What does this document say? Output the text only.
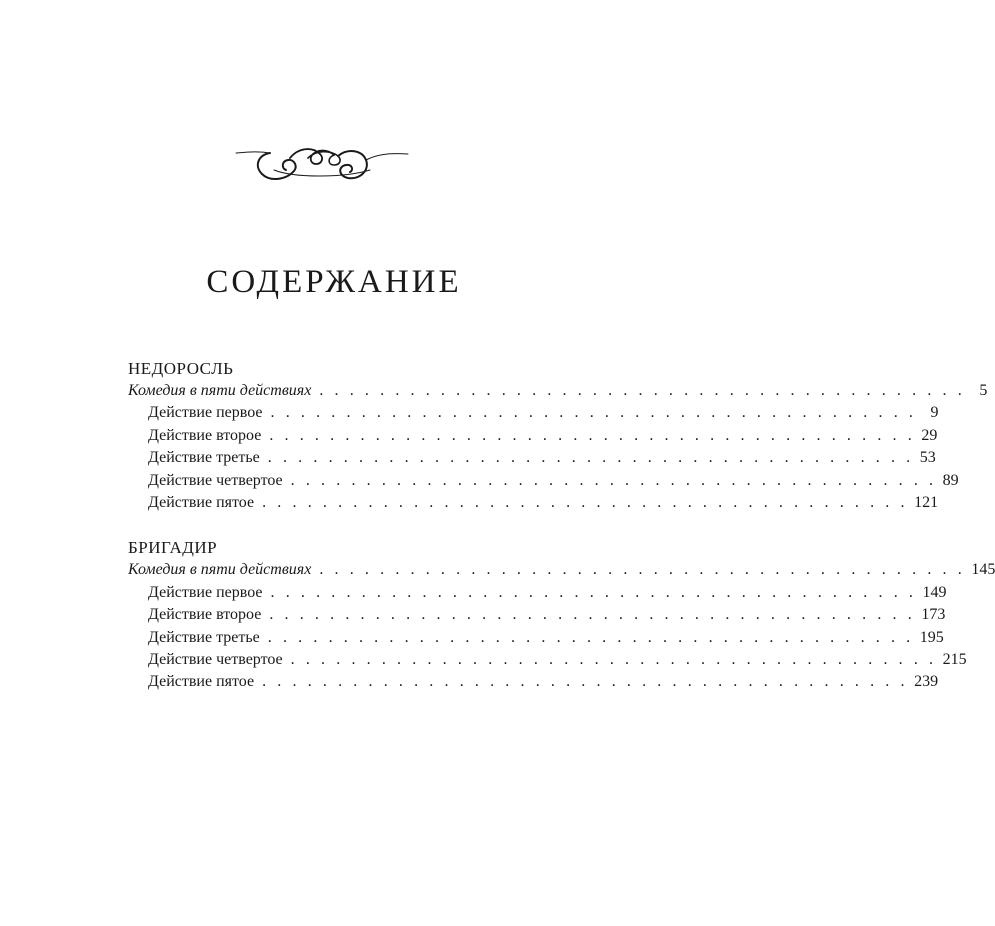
СОДЕРЖАНИЕ
НЕДОРОСЛЬ
Комедия в пяти действиях . . . . . . . . . . . . . . . . . . . . . . . . . . . . . . . . . . . . . . . . . . . 5
Действие первое . . . . . . . . . . . . . . . . . . . . . . . . . . . . . . . . . . . . . . . . . . . 9
Действие второе . . . . . . . . . . . . . . . . . . . . . . . . . . . . . . . . . . . . . . . . . . . 29
Действие третье . . . . . . . . . . . . . . . . . . . . . . . . . . . . . . . . . . . . . . . . . . . 53
Действие четвертое . . . . . . . . . . . . . . . . . . . . . . . . . . . . . . . . . . . . . . . . . . . 89
Действие пятое . . . . . . . . . . . . . . . . . . . . . . . . . . . . . . . . . . . . . . . . . . . 121
БРИГАДИР
Комедия в пяти действиях . . . . . . . . . . . . . . . . . . . . . . . . . . . . . . . . . . . . . . . . . . . 145
Действие первое . . . . . . . . . . . . . . . . . . . . . . . . . . . . . . . . . . . . . . . . . . . 149
Действие второе . . . . . . . . . . . . . . . . . . . . . . . . . . . . . . . . . . . . . . . . . . . 173
Действие третье . . . . . . . . . . . . . . . . . . . . . . . . . . . . . . . . . . . . . . . . . . . 195
Действие четвертое . . . . . . . . . . . . . . . . . . . . . . . . . . . . . . . . . . . . . . . . . . . 215
Действие пятое . . . . . . . . . . . . . . . . . . . . . . . . . . . . . . . . . . . . . . . . . . . 239
